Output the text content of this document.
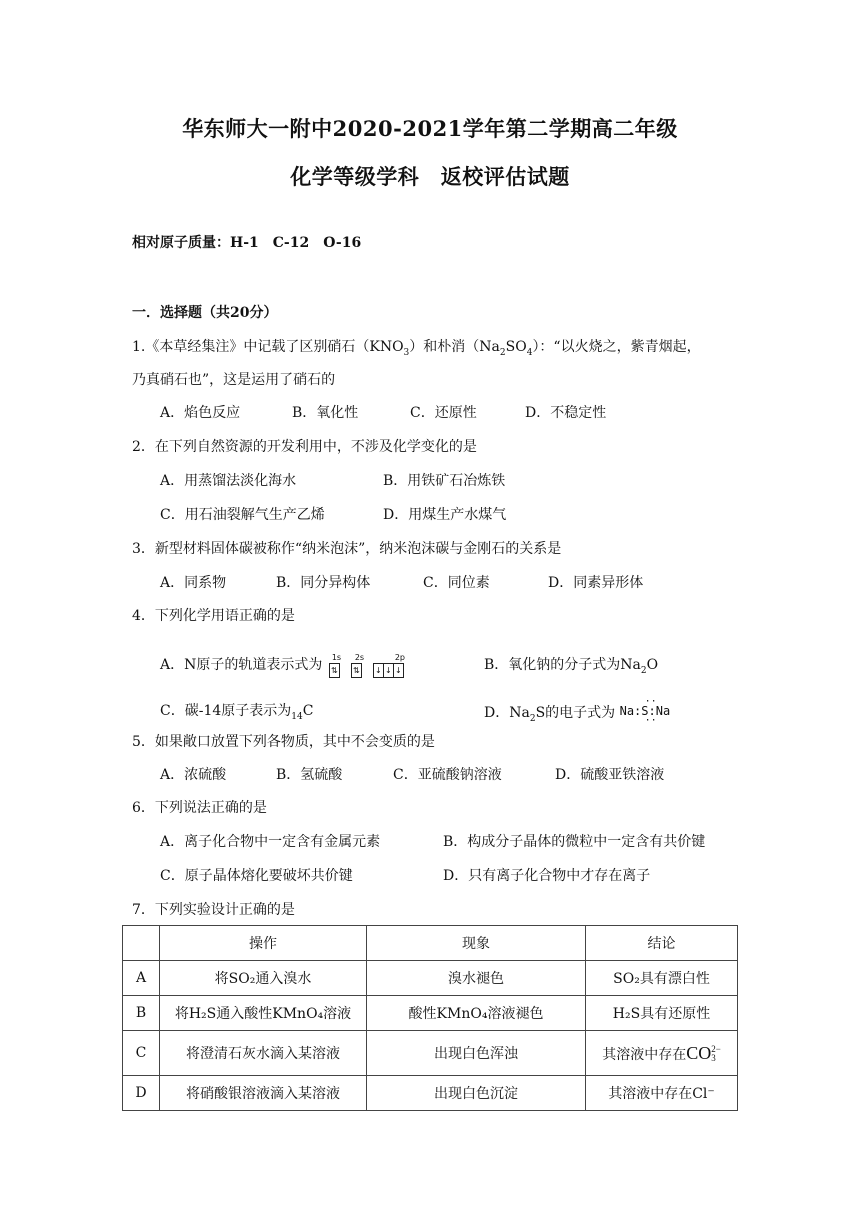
华东师大一附中2020-2021学年第二学期高二年级
化学等级学科　返校评估试题
相对原子质量：H-1　C-12　O-16
一．选择题（共20分）
1.《本草经集注》中记载了区别硝石$(KNO_3)$和朴消$(Na_2SO_4)$：“以火烧之，紫青烟起，
乃真硝石也”，这是运用了硝石的
A．焰色反应	B．氧化性	C．还原性	D．不稳定性
2．在下列自然资源的开发利用中，不涉及化学变化的是
A．用蒸馏法淡化海水	B．用铁矿石冶炼铁
C．用石油裂解气生产乙烯	D．用煤生产水煤气
3．新型材料固体碳被称作“纳米泡沫”，纳米泡沫碳与金刚石的关系是
A．同系物	B．同分异构体	C．同位素	D．同素异形体
4．下列化学用语正确的是
A．N原子的轨道表示式为 1s 2s	2p
⇅ ⇅ ↓ ↓ ↓	B．氧化钠的分子式为$Na_2O$
C．碳-14原子表示为$_{14}$C	D．$Na_2S$的电子式为 Na:S:Na
··
··
5．如果敞口放置下列各物质，其中不会变质的是
A．浓硫酸	B．氢硫酸	C．亚硫酸钠溶液	D．硫酸亚铁溶液
6．下列说法正确的是
A．离子化合物中一定含有金属元素	B．构成分子晶体的微粒中一定含有共价键
C．原子晶体熔化要破坏共价键	D．只有离子化合物中才存在离子
7．下列实验设计正确的是
	操作	现象	结论
A	将SO₂通入溴水	溴水褪色	SO₂具有漂白性
B	将H₂S通入酸性KMnO₄溶液	酸性KMnO₄溶液褪色	H₂S具有还原性
C	将澄清石灰水滴入某溶液	出现白色浑浊	其溶液中存在CO 2−
3

D	将硝酸银溶液滴入某溶液	出现白色沉淀	其溶液中存在Cl⁻
